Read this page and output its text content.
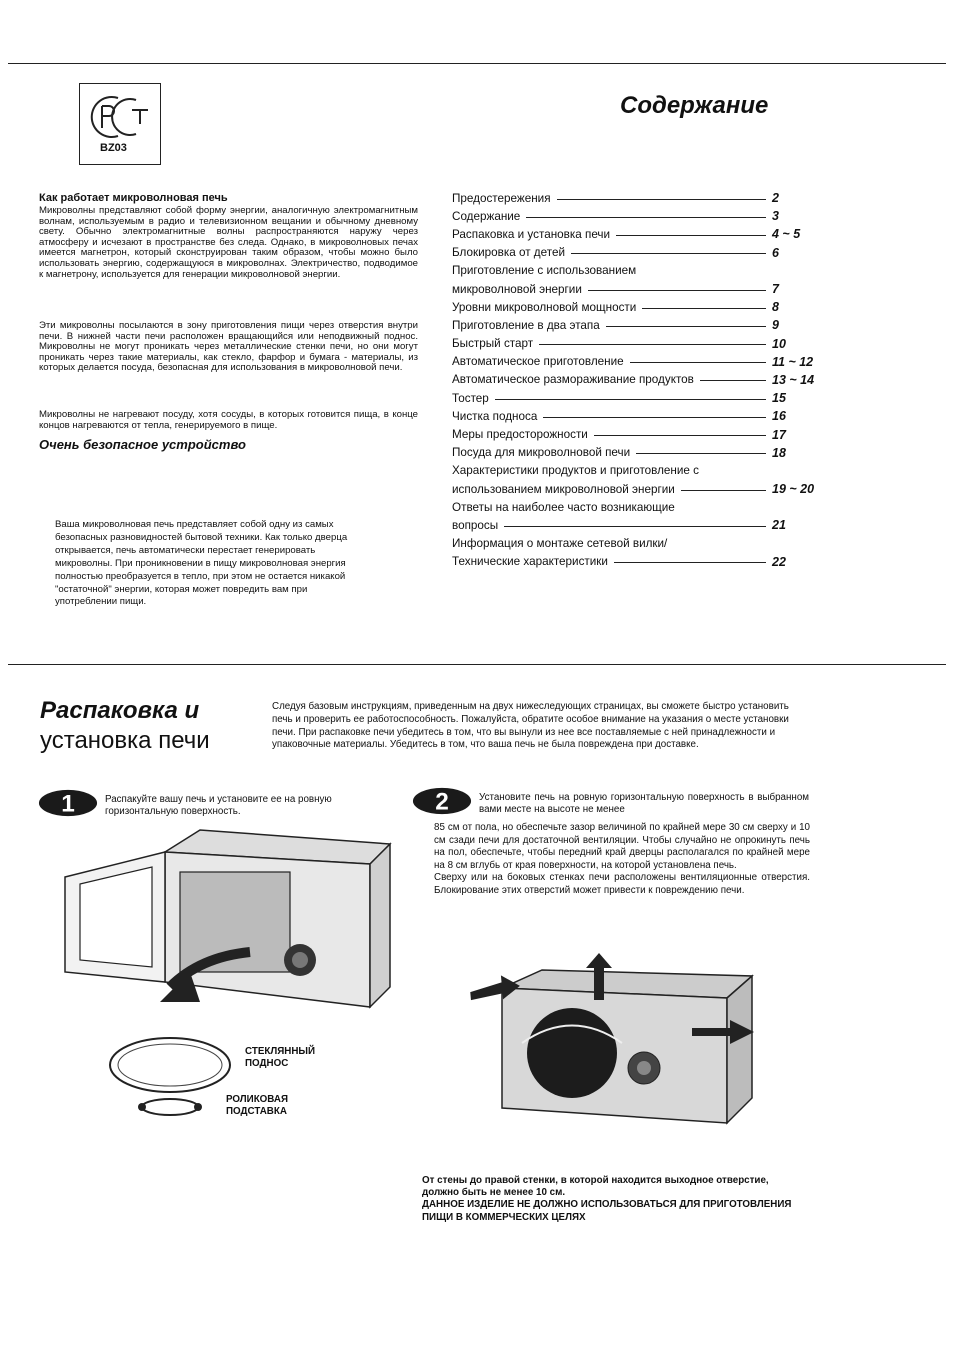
BZ03
Содержание
Как работает микроволновая печь
Микроволны представляют собой форму энергии, аналогичную электромагнитным волнам, используемым в радио и телевизионном вещании и обычному дневному свету. Обычно электромагнитные волны распространяются наружу через атмосферу и исчезают в пространстве без следа. Однако, в микроволновых печах имеется магнетрон, который сконструирован таким образом, чтобы можно было использовать энергию, содержащуюся в микроволнах. Электричество, подводимое к магнетрону, используется для генерации микроволновой энергии.
Эти микроволны посылаются в зону приготовления пищи через отверстия внутри печи. В нижней части печи расположен вращающийся или неподвижный поднос. Микроволны не могут проникать через металлические стенки печи, но они могут проникать через такие материалы, как стекло, фарфор и бумага - материалы, из которых делается посуда, безопасная для использования в микроволновой печи.
Микроволны не нагревают посуду, хотя сосуды, в которых готовится пища, в конце концов нагреваются от тепла, генерируемого в пище.
Очень безопасное устройство
Ваша микроволновая печь представляет собой одну из самых безопасных разновидностей бытовой техники. Как только дверца открывается, печь автоматически перестает генерировать микроволны. При проникновении в пищу микроволновая энергия полностью преобразуется в тепло, при этом не остается никакой "остаточной" энергии, которая может повредить вам при употреблении пищи.
Предостережения	2
Содержание	3
Распаковка и установка печи	4 ~ 5
Блокировка от детей	6
Приготовление с использованием
микроволновой энергии	7
Уровни микроволновой мощности	8
Приготовление в два этапа	9
Быстрый старт	10
Автоматическое приготовление	11 ~ 12
Автоматическое размораживание продуктов	13 ~ 14
Тостер	15
Чистка подноса	16
Меры предосторожности	17
Посуда для микроволновой печи	18
Характеристики продуктов и приготовление с
использованием микроволновой энергии	19 ~ 20
Ответы на наиболее часто возникающие
вопросы	21
Информация о монтаже сетевой вилки/
Технические характеристики	22
Распаковка и
установка печи
Следуя базовым инструкциям, приведенным на двух нижеследующих страницах, вы сможете быстро установить печь и проверить ее работоспособность. Пожалуйста, обратите особое внимание на указания о месте установки печи. При распаковке печи убедитесь в том, что вы вынули из нее все поставляемые с ней принадлежности и упаковочные материалы. Убедитесь в том, что ваша печь не была повреждена при доставке.
1	Распакуйте вашу печь и установите ее на ровную горизонтальную поверхность.
СТЕКЛЯННЫЙ ПОДНОС
РОЛИКОВАЯ ПОДСТАВКА
2	Установите печь на ровную горизонтальную поверхность в выбранном вами месте на высоте не менее
85 см от пола, но обеспечьте зазор величиной по крайней мере 30 см сверху и 10 см сзади печи для достаточной вентиляции. Чтобы случайно не опрокинуть печь на пол, обеспечьте, чтобы передний край дверцы располагался по крайней мере на 8 см вглубь от края поверхности, на которой установлена печь.
Сверху или на боковых стенках печи расположены вентиляционные отверстия. Блокирование этих отверстий может привести к повреждению печи.
От стены до правой стенки, в которой находится выходное отверстие, должно быть не менее 10 см.
ДАННОЕ ИЗДЕЛИЕ НЕ ДОЛЖНО ИСПОЛЬЗОВАТЬСЯ ДЛЯ ПРИГОТОВЛЕНИЯ ПИЩИ В КОММЕРЧЕСКИХ ЦЕЛЯХ
